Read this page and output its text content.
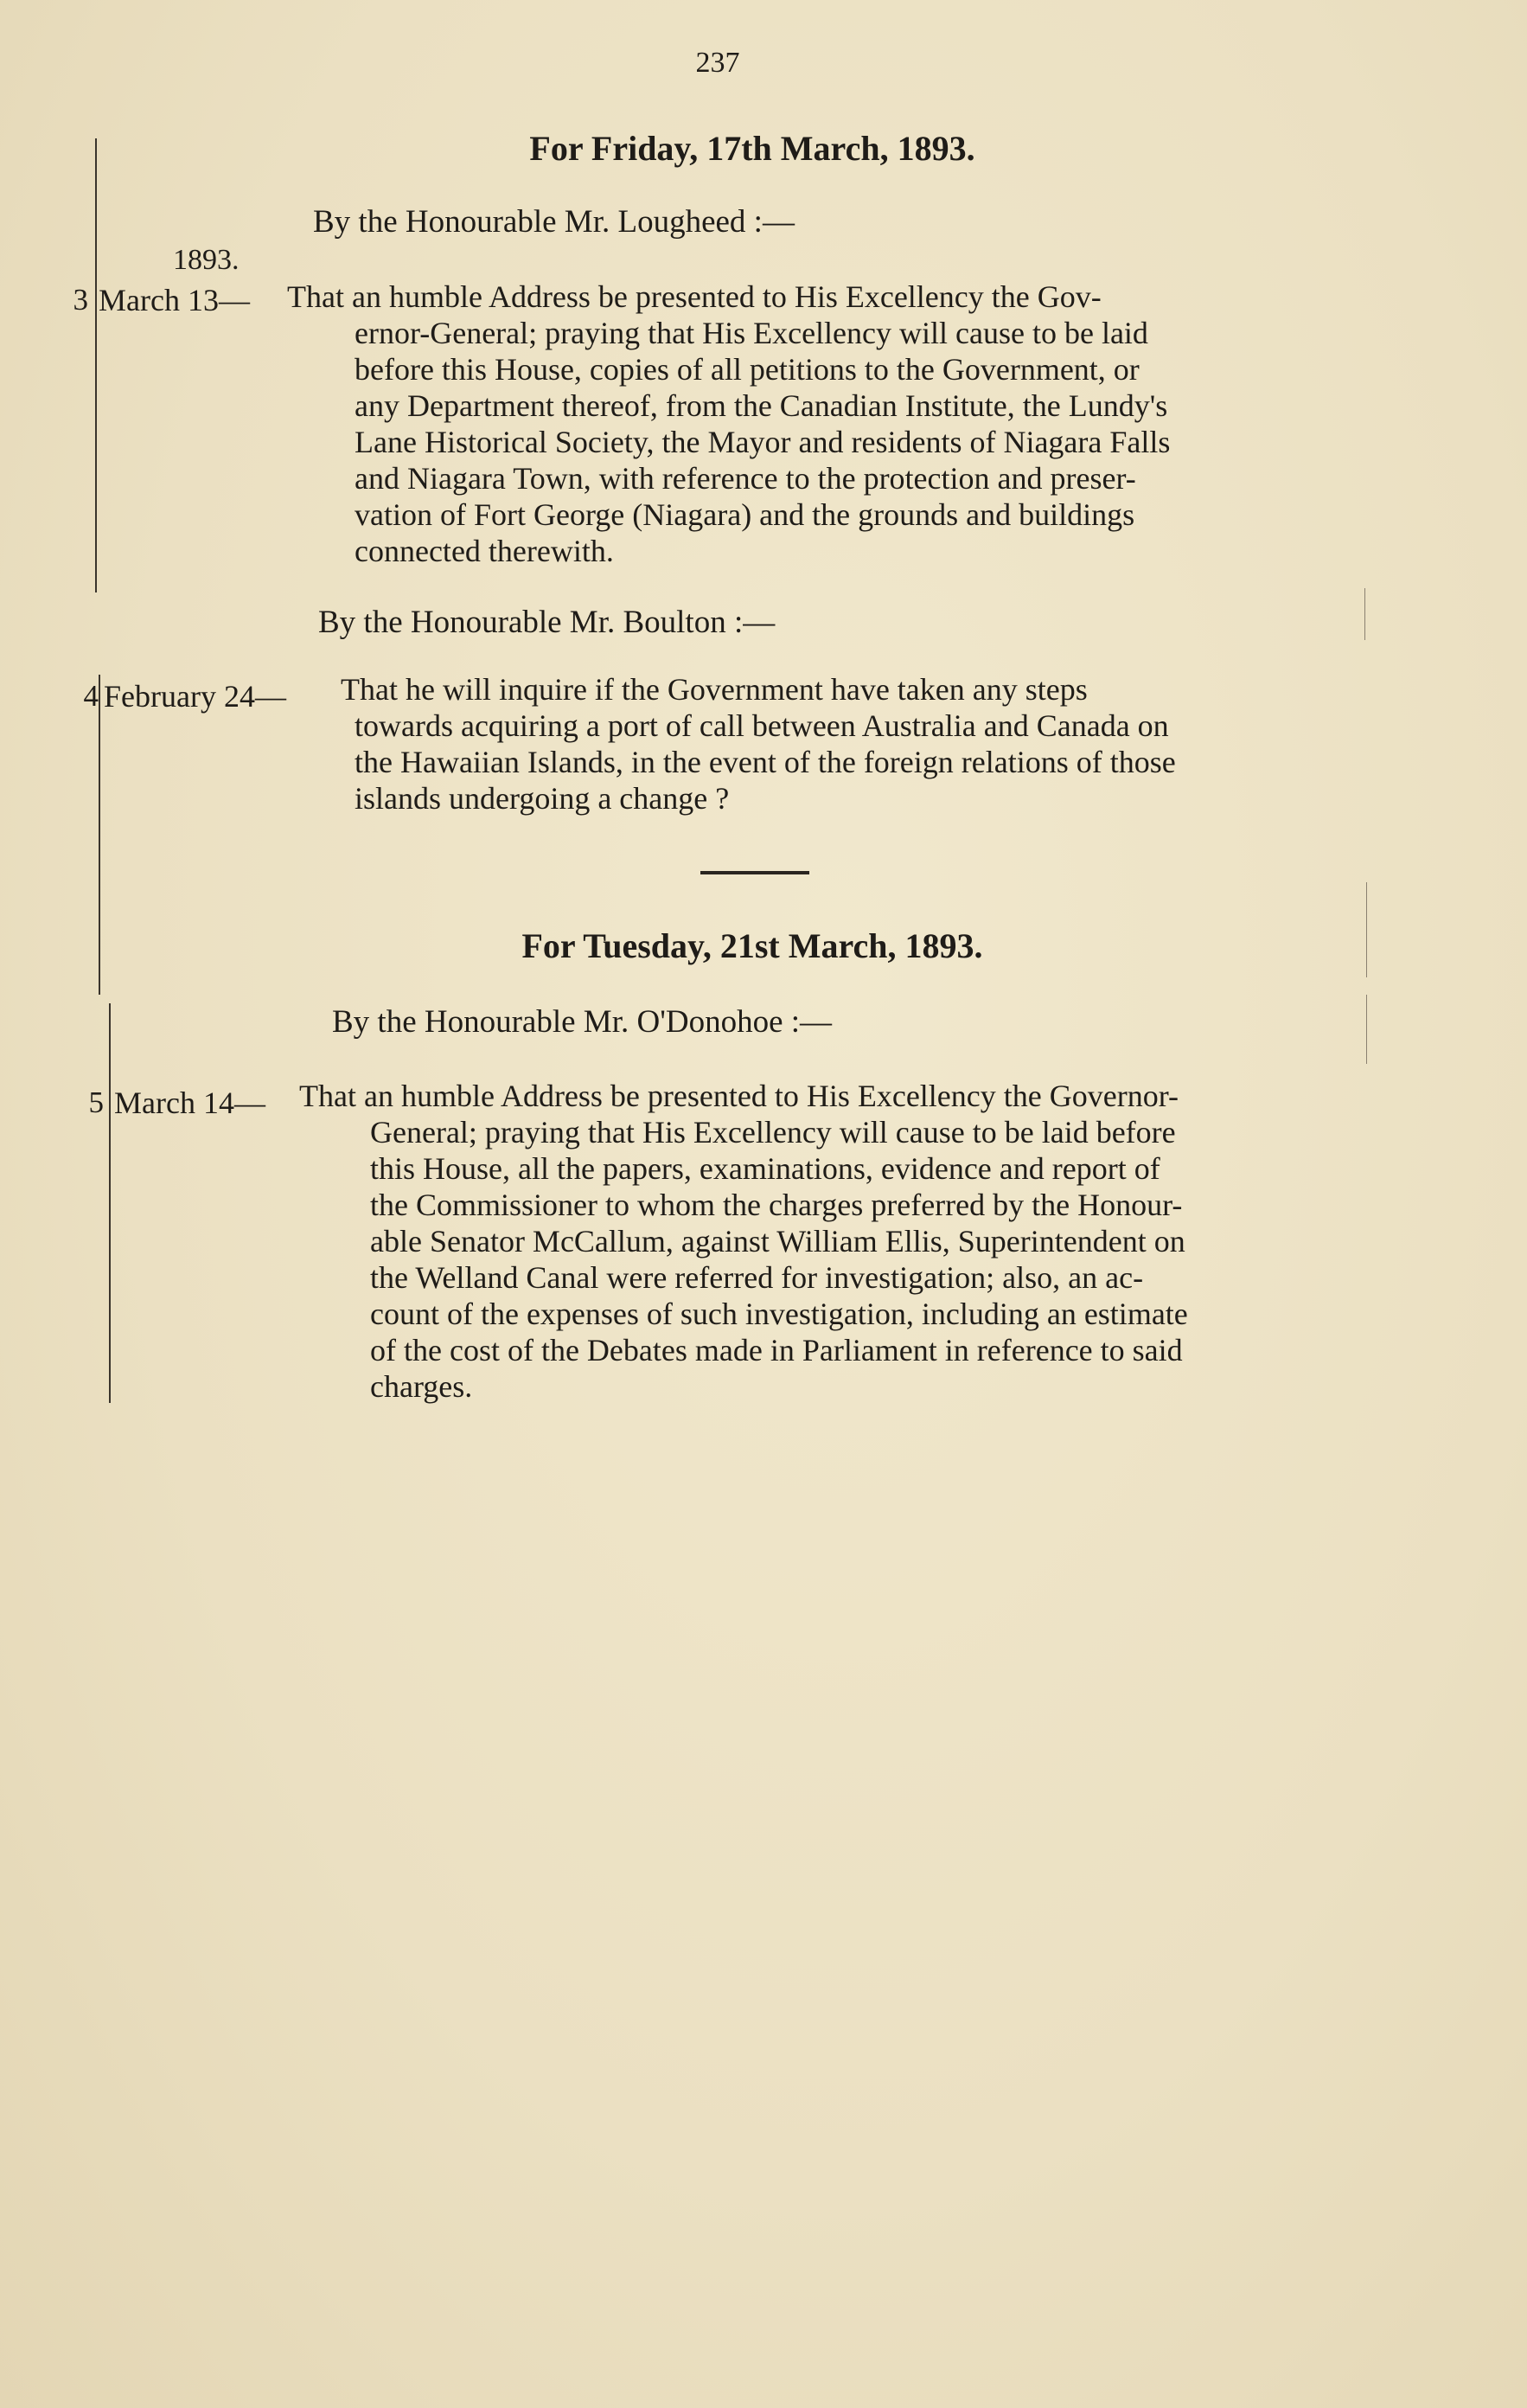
237
For Friday, 17th March, 1893.
By the Honourable Mr. Lougheed :—
1893.
3 March 13— That an humble Address be presented to His Excellency the Gov-
ernor-General; praying that His Excellency will cause to be laid
before this House, copies of all petitions to the Government, or
any Department thereof, from the Canadian Institute, the Lundy's
Lane Historical Society, the Mayor and residents of Niagara Falls
and Niagara Town, with reference to the protection and preser-
vation of Fort George (Niagara) and the grounds and buildings
connected therewith.
By the Honourable Mr. Boulton :—
4 February 24— That he will inquire if the Government have taken any steps
towards acquiring a port of call between Australia and Canada on
the Hawaiian Islands, in the event of the foreign relations of those
islands undergoing a change ?
For Tuesday, 21st March, 1893.
By the Honourable Mr. O'Donohoe :—
5 March 14— That an humble Address be presented to His Excellency the Governor-
General; praying that His Excellency will cause to be laid before
this House, all the papers, examinations, evidence and report of
the Commissioner to whom the charges preferred by the Honour-
able Senator McCallum, against William Ellis, Superintendent on
the Welland Canal were referred for investigation; also, an ac-
count of the expenses of such investigation, including an estimate
of the cost of the Debates made in Parliament in reference to said
charges.
